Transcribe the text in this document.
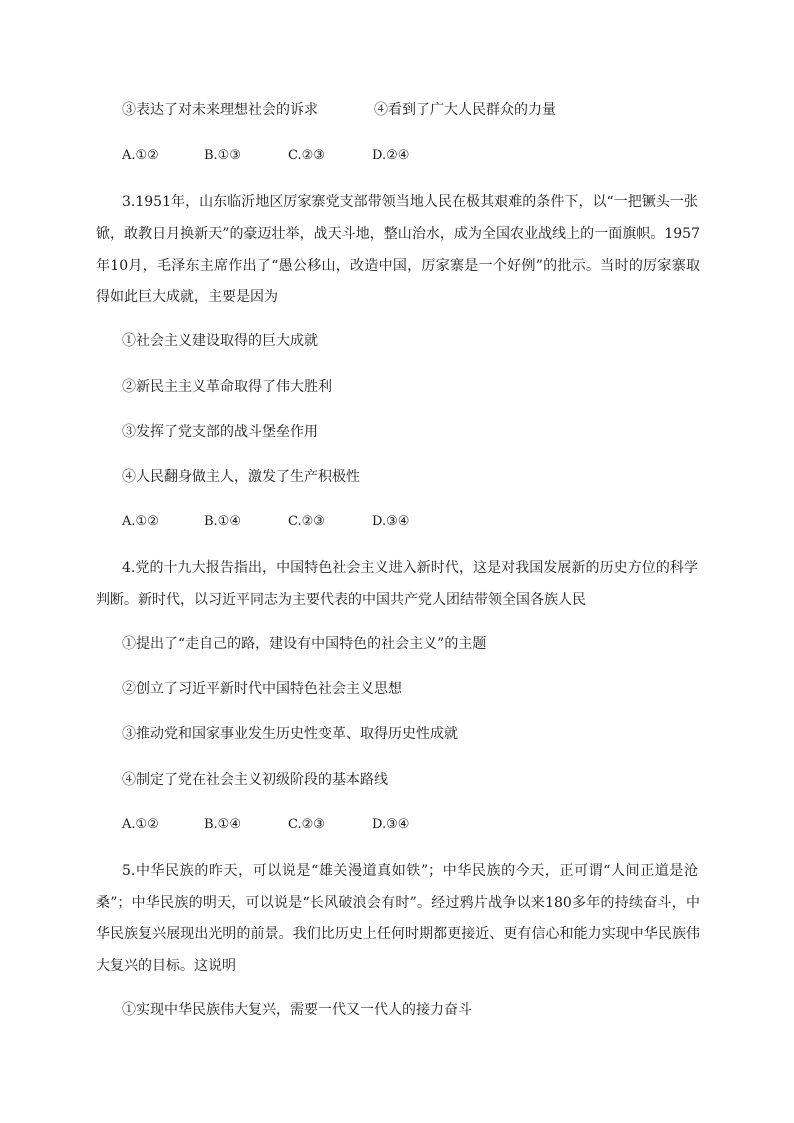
③表达了对未来理想社会的诉求	④看到了广大人民群众的力量
A.①②	B.①③	C.②③	D.②④
3.1951年，山东临沂地区厉家寨党支部带领当地人民在极其艰难的条件下，以“一把镢头一张
锨，敢教日月换新天”的豪迈壮举，战天斗地，整山治水，成为全国农业战线上的一面旗帜。1957
年10月，毛泽东主席作出了“愚公移山，改造中国，厉家寨是一个好例”的批示。当时的厉家寨取
得如此巨大成就，主要是因为
①社会主义建设取得的巨大成就
②新民主主义革命取得了伟大胜利
③发挥了党支部的战斗堡垒作用
④人民翻身做主人，激发了生产积极性
A.①②	B.①④	C.②③	D.③④
4.党的十九大报告指出，中国特色社会主义进入新时代，这是对我国发展新的历史方位的科学
判断。新时代，以习近平同志为主要代表的中国共产党人团结带领全国各族人民
①提出了“走自己的路，建设有中国特色的社会主义”的主题
②创立了习近平新时代中国特色社会主义思想
③推动党和国家事业发生历史性变革、取得历史性成就
④制定了党在社会主义初级阶段的基本路线
A.①②	B.①④	C.②③	D.③④
5.中华民族的昨天，可以说是“雄关漫道真如铁”；中华民族的今天，正可谓“人间正道是沧
桑”；中华民族的明天，可以说是“长风破浪会有时”。经过鸦片战争以来180多年的持续奋斗，中
华民族复兴展现出光明的前景。我们比历史上任何时期都更接近、更有信心和能力实现中华民族伟
大复兴的目标。这说明
①实现中华民族伟大复兴，需要一代又一代人的接力奋斗
